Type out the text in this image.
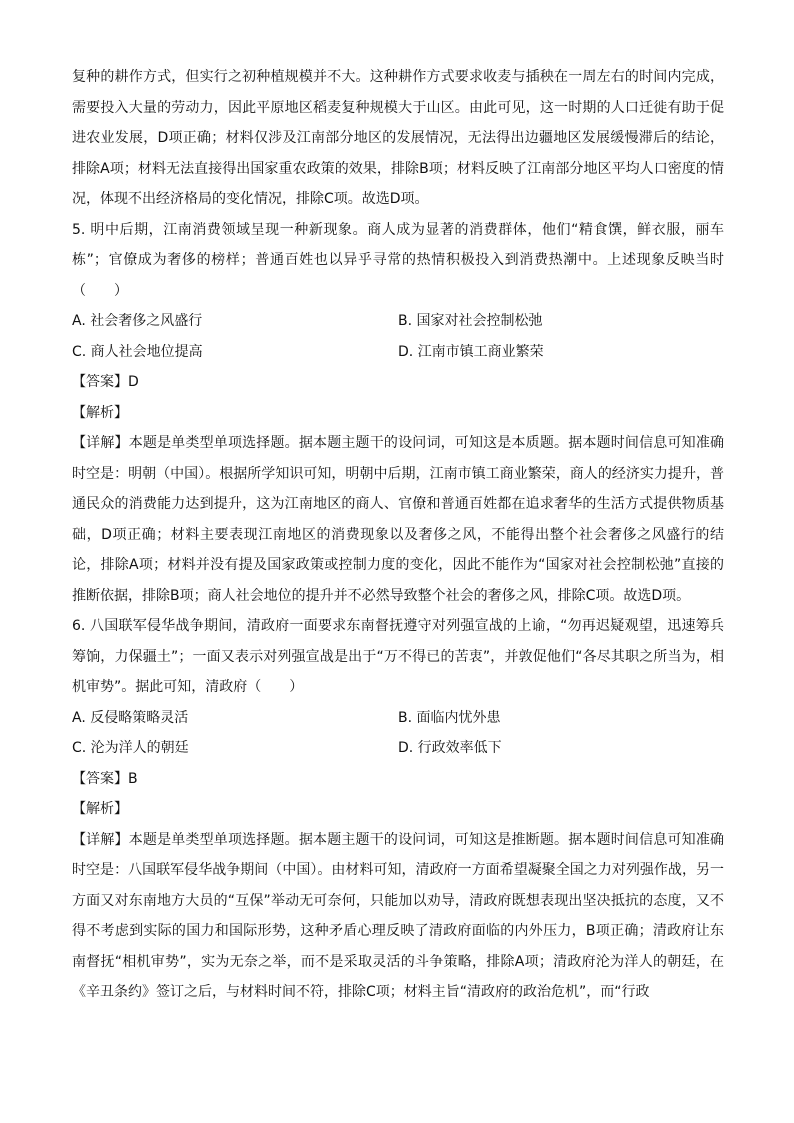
复种的耕作方式，但实行之初种植规模并不大。这种耕作方式要求收麦与插秧在一周左右的时间内完成，需要投入大量的劳动力，因此平原地区稻麦复种规模大于山区。由此可见，这一时期的人口迁徙有助于促进农业发展，D项正确；材料仅涉及江南部分地区的发展情况，无法得出边疆地区发展缓慢滞后的结论，排除A项；材料无法直接得出国家重农政策的效果，排除B项；材料反映了江南部分地区平均人口密度的情况，体现不出经济格局的变化情况，排除C项。故选D项。

5. 明中后期，江南消费领域呈现一种新现象。商人成为显著的消费群体，他们“精食馔，鲜衣服，丽车栋”；官僚成为奢侈的榜样；普通百姓也以异乎寻常的热情积极投入到消费热潮中。上述现象反映当时（　　）

A. 社会奢侈之风盛行	B. 国家对社会控制松弛
C. 商人社会地位提高	D. 江南市镇工商业繁荣
【答案】D
【解析】

【详解】本题是单类型单项选择题。据本题主题干的设问词，可知这是本质题。据本题时间信息可知准确时空是：明朝（中国）。根据所学知识可知，明朝中后期，江南市镇工商业繁荣，商人的经济实力提升，普通民众的消费能力达到提升，这为江南地区的商人、官僚和普通百姓都在追求奢华的生活方式提供物质基础，D项正确；材料主要表现江南地区的消费现象以及奢侈之风，不能得出整个社会奢侈之风盛行的结论，排除A项；材料并没有提及国家政策或控制力度的变化，因此不能作为“国家对社会控制松弛”直接的推断依据，排除B项；商人社会地位的提升并不必然导致整个社会的奢侈之风，排除C项。故选D项。

6. 八国联军侵华战争期间，清政府一面要求东南督抚遵守对列强宣战的上谕，“勿再迟疑观望，迅速筹兵筹饷，力保疆土”；一面又表示对列强宣战是出于“万不得已的苦衷”，并敦促他们“各尽其职之所当为，相机审势”。据此可知，清政府（　　）

A. 反侵略策略灵活	B. 面临内忧外患
C. 沦为洋人的朝廷	D. 行政效率低下
【答案】B
【解析】

【详解】本题是单类型单项选择题。据本题主题干的设问词，可知这是推断题。据本题时间信息可知准确时空是：八国联军侵华战争期间（中国）。由材料可知，清政府一方面希望凝聚全国之力对列强作战，另一方面又对东南地方大员的“互保”举动无可奈何，只能加以劝导，清政府既想表现出坚决抵抗的态度，又不得不考虑到实际的国力和国际形势，这种矛盾心理反映了清政府面临的内外压力，B项正确；清政府让东南督抚“相机审势”，实为无奈之举，而不是采取灵活的斗争策略，排除A项；清政府沦为洋人的朝廷，在《辛丑条约》签订之后，与材料时间不符，排除C项；材料主旨“清政府的政治危机”，而“行政
